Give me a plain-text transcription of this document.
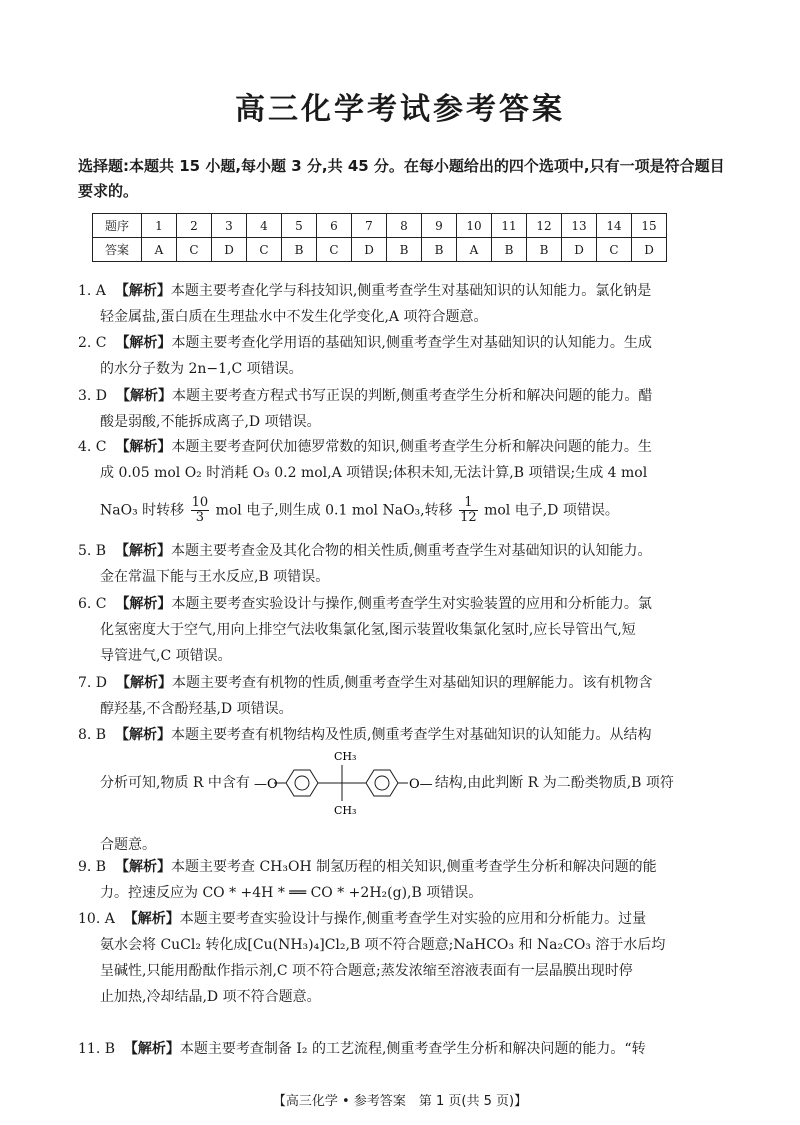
高三化学考试参考答案
选择题:本题共 15 小题,每小题 3 分,共 45 分。在每小题给出的四个选项中,只有一项是符合题目要求的。
题序	1	2	3	4	5	6	7	8	9	10	11	12	13	14	15
答案	A	C	D	C	B	C	D	B	B	A	B	B	D	C	D
1. A 【解析】本题主要考查化学与科技知识,侧重考查学生对基础知识的认知能力。氯化钠是
轻金属盐,蛋白质在生理盐水中不发生化学变化,A 项符合题意。
2. C 【解析】本题主要考查化学用语的基础知识,侧重考查学生对基础知识的认知能力。生成
的水分子数为 2n−1,C 项错误。
3. D 【解析】本题主要考查方程式书写正误的判断,侧重考查学生分析和解决问题的能力。醋
酸是弱酸,不能拆成离子,D 项错误。
4. C 【解析】本题主要考查阿伏加德罗常数的知识,侧重考查学生分析和解决问题的能力。生
成 0.05 mol O₂ 时消耗 O₃ 0.2 mol,A 项错误;体积未知,无法计算,B 项错误;生成 4 mol
NaO₃ 时转移 $\frac{10}{3}$ mol 电子,则生成 0.1 mol NaO₃,转移 $\frac{1}{12}$ mol 电子,D 项错误。
5. B 【解析】本题主要考查金及其化合物的相关性质,侧重考查学生对基础知识的认知能力。
金在常温下能与王水反应,B 项错误。
6. C 【解析】本题主要考查实验设计与操作,侧重考查学生对实验装置的应用和分析能力。氯
化氢密度大于空气,用向上排空气法收集氯化氢,图示装置收集氯化氢时,应长导管出气,短
导管进气,C 项错误。
7. D 【解析】本题主要考查有机物的性质,侧重考查学生对基础知识的理解能力。该有机物含
醇羟基,不含酚羟基,D 项错误。
8. B 【解析】本题主要考查有机物结构及性质,侧重考查学生对基础知识的认知能力。从结构
分析可知,物质 R 中含有 —O
CH₃
CH₃
O— 结构,由此判断 R 为二酚类物质,B 项符
合题意。
9. B 【解析】本题主要考查 CH₃OH 制氢历程的相关知识,侧重考查学生分析和解决问题的能
力。控速反应为 CO * +4H * ══ CO * +2H₂(g),B 项错误。
10. A 【解析】本题主要考查实验设计与操作,侧重考查学生对实验的应用和分析能力。过量
氨水会将 CuCl₂ 转化成[Cu(NH₃)₄]Cl₂,B 项不符合题意;NaHCO₃ 和 Na₂CO₃ 溶于水后均
呈碱性,只能用酚酞作指示剂,C 项不符合题意;蒸发浓缩至溶液表面有一层晶膜出现时停
止加热,冷却结晶,D 项不符合题意。
11. B 【解析】本题主要考查制备 I₂ 的工艺流程,侧重考查学生分析和解决问题的能力。“转
【高三化学 • 参考答案　第 1 页(共 5 页)】
